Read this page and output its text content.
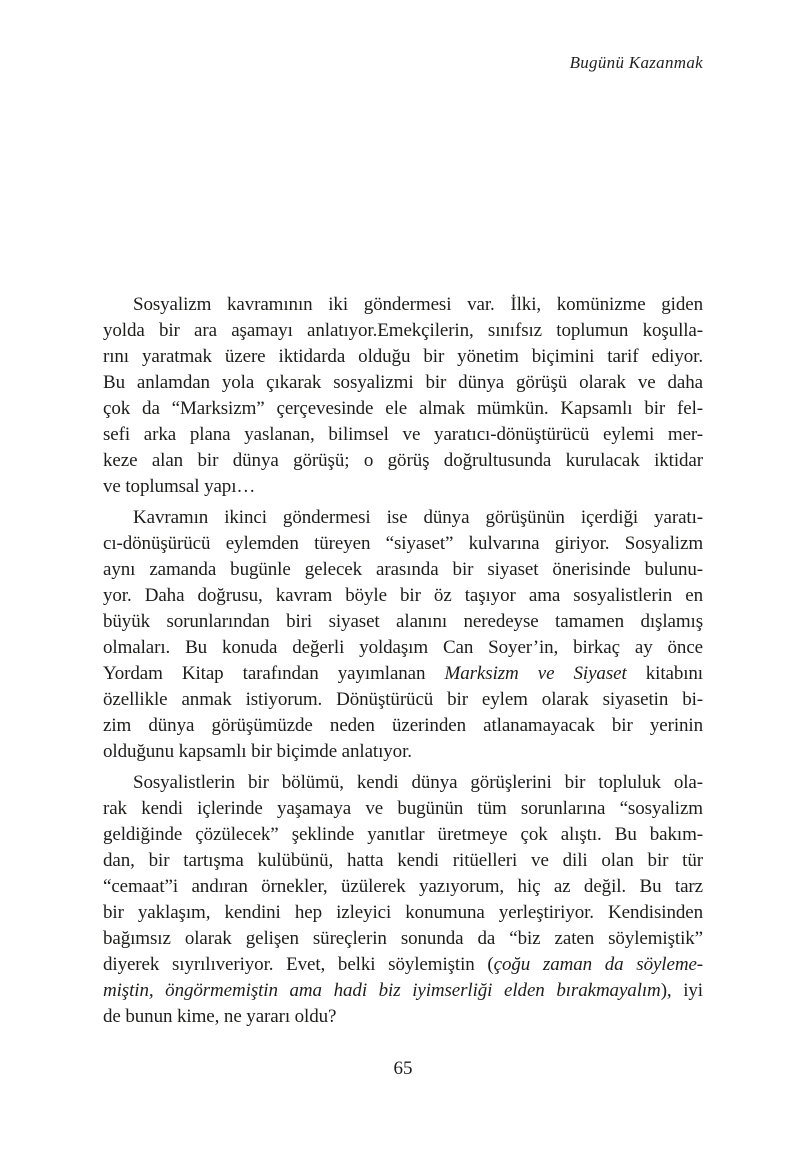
Bugünü Kazanmak

Sosyalizm kavramının iki göndermesi var. İlki, komünizme giden
yolda bir ara aşamayı anlatıyor.Emekçilerin, sınıfsız toplumun koşulla-
rını yaratmak üzere iktidarda olduğu bir yönetim biçimini tarif ediyor.
Bu anlamdan yola çıkarak sosyalizmi bir dünya görüşü olarak ve daha
çok da “Marksizm” çerçevesinde ele almak mümkün. Kapsamlı bir fel-
sefi arka plana yaslanan, bilimsel ve yaratıcı-dönüştürücü eylemi mer-
keze alan bir dünya görüşü; o görüş doğrultusunda kurulacak iktidar
ve toplumsal yapı…

Kavramın ikinci göndermesi ise dünya görüşünün içerdiği yaratı-
cı-dönüşürücü eylemden türeyen “siyaset” kulvarına giriyor. Sosyalizm
aynı zamanda bugünle gelecek arasında bir siyaset önerisinde bulunu-
yor. Daha doğrusu, kavram böyle bir öz taşıyor ama sosyalistlerin en
büyük sorunlarından biri siyaset alanını neredeyse tamamen dışlamış
olmaları. Bu konuda değerli yoldaşım Can Soyer’in, birkaç ay önce
Yordam Kitap tarafından yayımlanan Marksizm ve Siyaset kitabını
özellikle anmak istiyorum. Dönüştürücü bir eylem olarak siyasetin bi-
zim dünya görüşümüzde neden üzerinden atlanamayacak bir yerinin
olduğunu kapsamlı bir biçimde anlatıyor.

Sosyalistlerin bir bölümü, kendi dünya görüşlerini bir topluluk ola-
rak kendi içlerinde yaşamaya ve bugünün tüm sorunlarına “sosyalizm
geldiğinde çözülecek” şeklinde yanıtlar üretmeye çok alıştı. Bu bakım-
dan, bir tartışma kulübünü, hatta kendi ritüelleri ve dili olan bir tür
“cemaat”i andıran örnekler, üzülerek yazıyorum, hiç az değil. Bu tarz
bir yaklaşım, kendini hep izleyici konumuna yerleştiriyor. Kendisinden
bağımsız olarak gelişen süreçlerin sonunda da “biz zaten söylemiştik”
diyerek sıyrılıveriyor. Evet, belki söylemiştin (çoğu zaman da söyleme-
miştin, öngörmemiştin ama hadi biz iyimserliği elden bırakmayalım), iyi
de bunun kime, ne yararı oldu?

65
